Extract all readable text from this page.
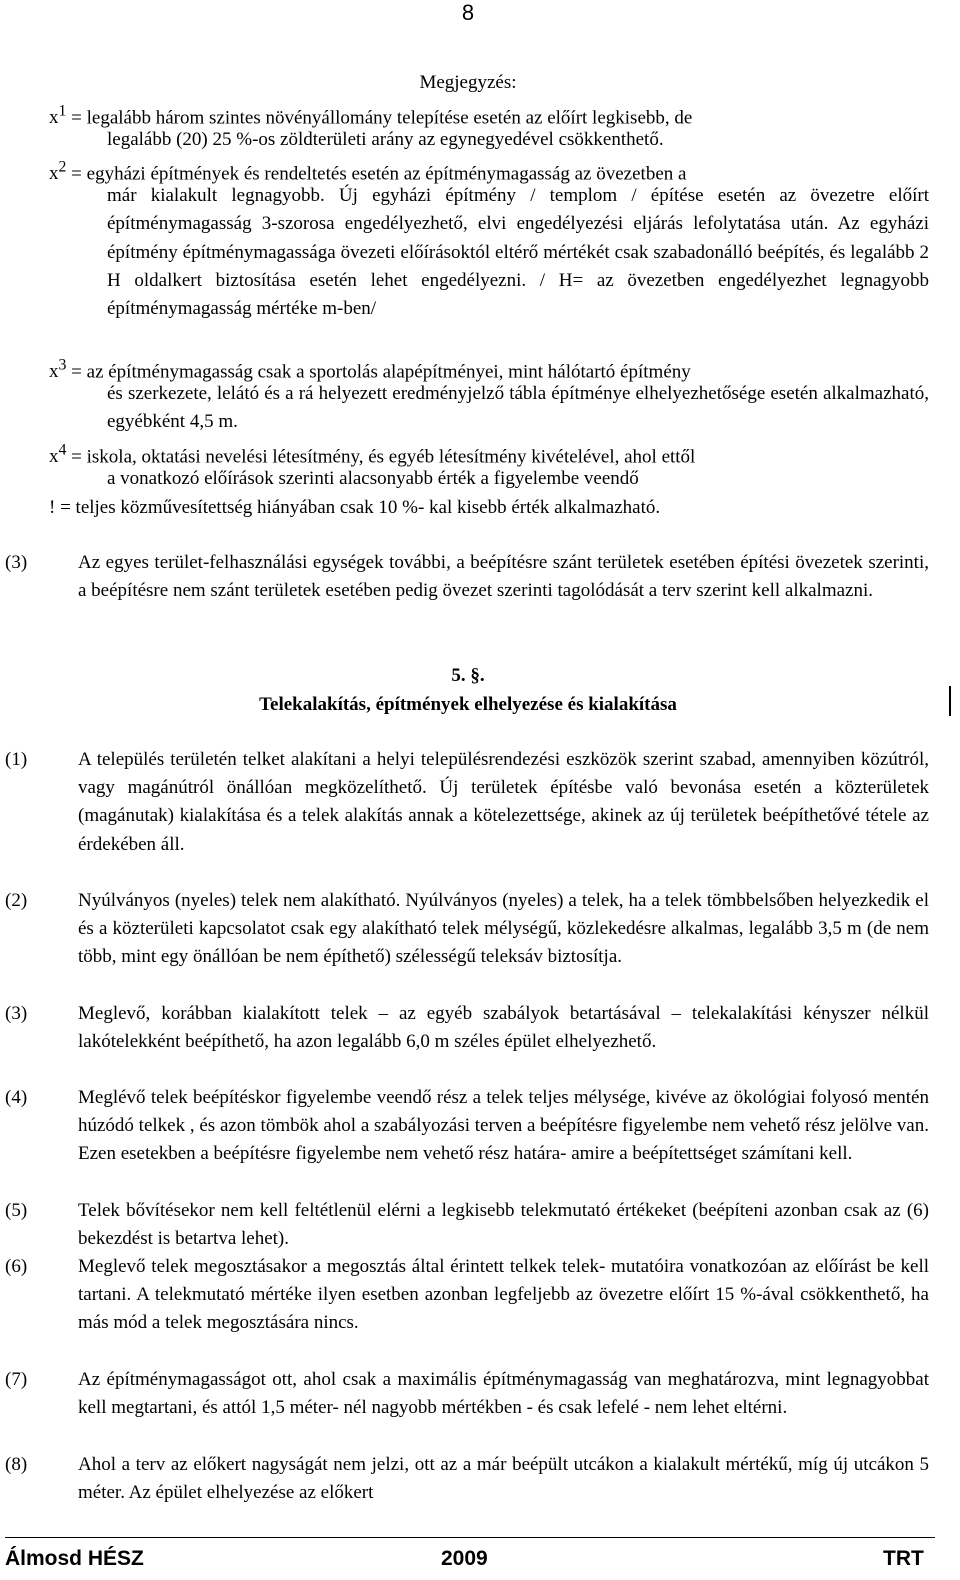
8
Megjegyzés:

$x^1$ = legalább három szintes növényállomány telepítése esetén az előírt legkisebb, de

legalább (20) 25 %-os zöldterületi arány az egynegyedével csökkenthető.

$x^2$ = egyházi építmények és rendeltetés esetén az építménymagasság az övezetben a

már kialakult legnagyobb. Új egyházi építmény / templom / építése esetén az övezetre előírt építménymagasság 3-szorosa engedélyezhető, elvi engedélyezési eljárás lefolytatása után. Az egyházi építmény építménymagassága övezeti előírásoktól eltérő mértékét csak szabadonálló beépítés, és legalább 2 H oldalkert biztosítása esetén lehet engedélyezni. / H= az övezetben engedélyezhet legnagyobb építménymagasság mértéke m-ben/

$x^3$ = az építménymagasság csak a sportolás alapépítményei, mint hálótartó építmény

és szerkezete, lelátó és a rá helyezett eredményjelző tábla építménye elhelyezhetősége esetén alkalmazható, egyébként 4,5 m.

$x^4$ = iskola, oktatási nevelési létesítmény, és egyéb létesítmény kivételével, ahol ettől

a vonatkozó előírások szerinti alacsonyabb érték a figyelembe veendő

! = teljes közművesítettség hiányában csak 10 %- kal kisebb érték alkalmazható.
(3)	Az egyes terület-felhasználási egységek további, a beépítésre szánt területek esetében építési övezetek szerinti, a beépítésre nem szánt területek esetében pedig övezet szerinti tagolódását a terv szerint kell alkalmazni.

5. §.
Telekalakítás, építmények elhelyezése és kialakítása
(1)	A település területén telket alakítani a helyi településrendezési eszközök szerint szabad, amennyiben közútról, vagy magánútról önállóan megközelíthető. Új területek építésbe való bevonása esetén a közterületek (magánutak) kialakítása és a telek alakítás annak a kötelezettsége, akinek az új területek beépíthetővé tétele az érdekében áll.

(2)	Nyúlványos (nyeles) telek nem alakítható. Nyúlványos (nyeles) a telek, ha a telek tömbbelsőben helyezkedik el és a közterületi kapcsolatot csak egy alakítható telek mélységű, közlekedésre alkalmas, legalább 3,5 m (de nem több, mint egy önállóan be nem építhető) szélességű teleksáv biztosítja.

(3)	Meglevő, korábban kialakított telek – az egyéb szabályok betartásával – telekalakítási kényszer nélkül lakótelekként beépíthető, ha azon legalább 6,0 m széles épület elhelyezhető.

(4)	Meglévő telek beépítéskor figyelembe veendő rész a telek teljes mélysége, kivéve az ökológiai folyosó mentén húzódó telkek , és azon tömbök ahol a szabályozási terven a beépítésre figyelembe nem vehető rész jelölve van. Ezen esetekben a beépítésre figyelembe nem vehető rész határa- amire a beépítettséget számítani kell.

(5)	Telek bővítésekor nem kell feltétlenül elérni a legkisebb telekmutató értékeket (beépíteni azonban csak az (6) bekezdést is betartva lehet).

(6)	Meglevő telek megosztásakor a megosztás által érintett telkek telek- mutatóira vonatkozóan az előírást be kell tartani. A telekmutató mértéke ilyen esetben azonban legfeljebb az övezetre előírt 15 %-ával csökkenthető, ha más mód a telek megosztására nincs.

(7)	Az építménymagasságot ott, ahol csak a maximális építménymagasság van meghatározva, mint legnagyobbat kell megtartani, és attól 1,5 méter- nél nagyobb mértékben - és csak lefelé - nem lehet eltérni.

(8)	Ahol a terv az előkert nagyságát nem jelzi, ott az a már beépült utcákon a kialakult mértékű, míg új utcákon 5 méter. Az épület elhelyezése az előkert

Álmosd HÉSZ	2009	TRT
